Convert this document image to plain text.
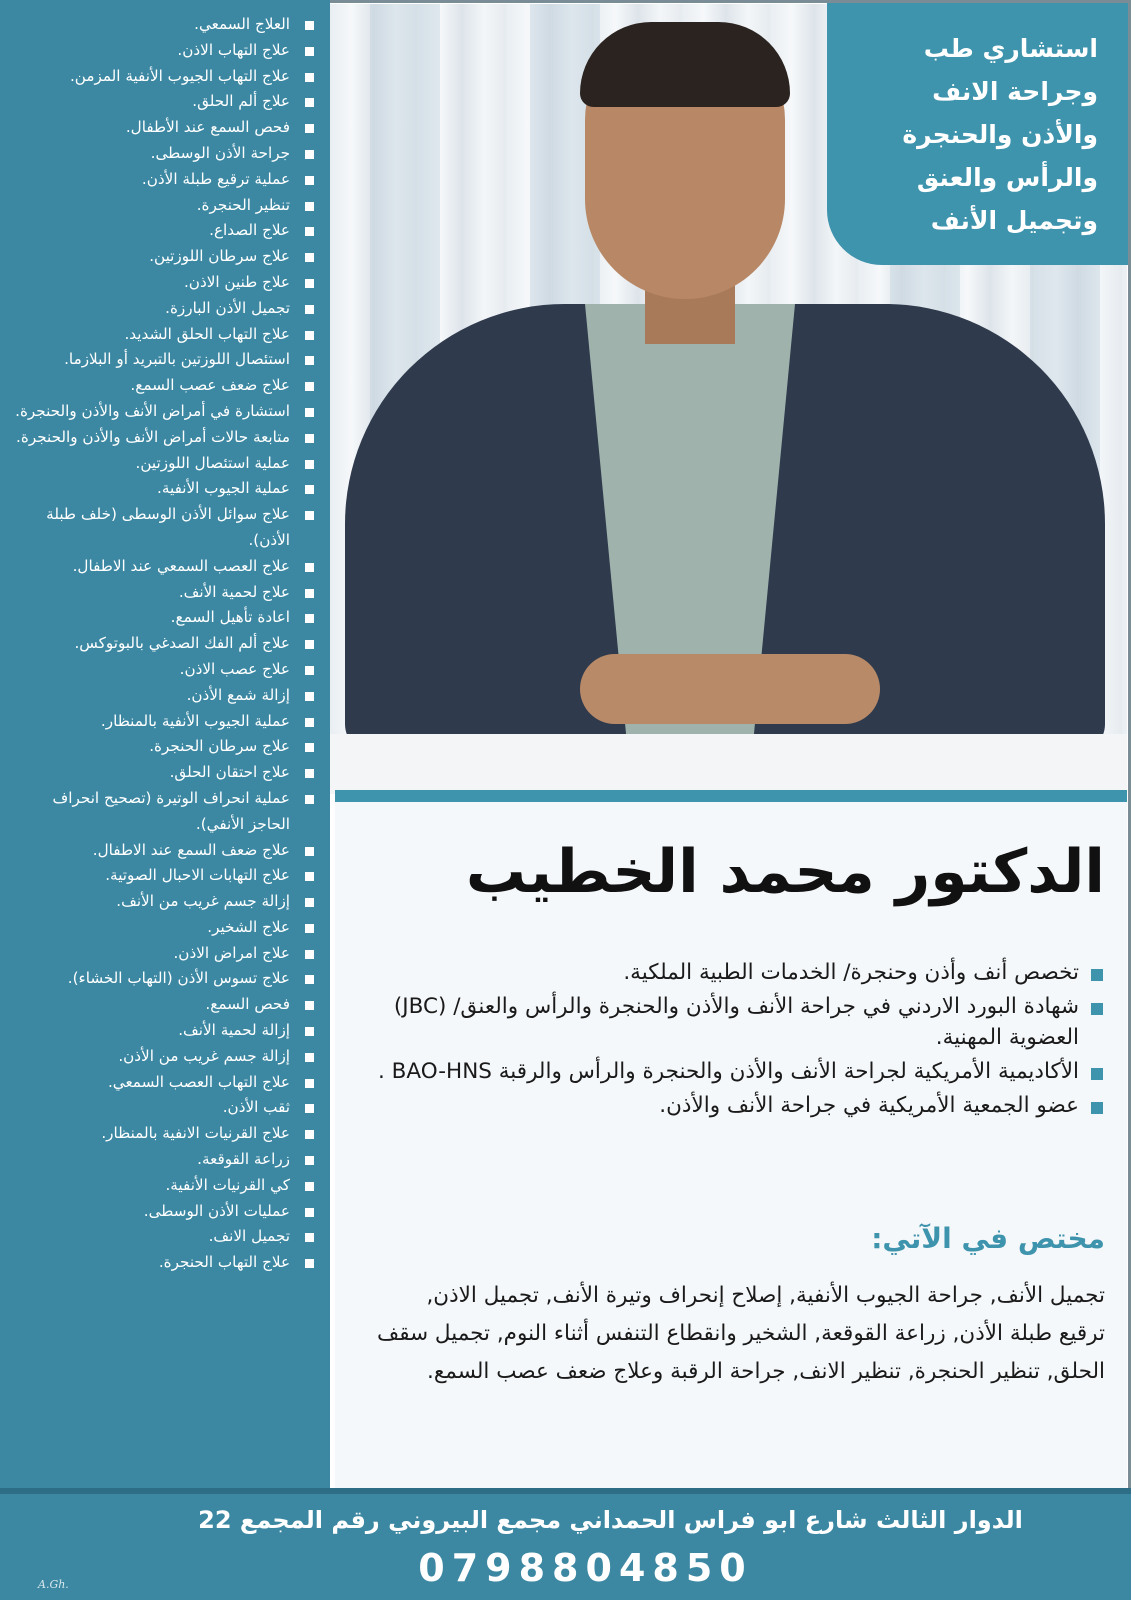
استشاري طب
وجراحة الانف
والأذن والحنجرة
والرأس والعنق
وتجميل الأنف
العلاج السمعي.
علاج التهاب الاذن.
علاج التهاب الجيوب الأنفية المزمن.
علاج ألم الحلق.
فحص السمع عند الأطفال.
جراحة الأذن الوسطى.
عملية ترقيع طبلة الأذن.
تنظير الحنجرة.
علاج الصداع.
علاج سرطان اللوزتين.
علاج طنين الاذن.
تجميل الأذن البارزة.
علاج التهاب الحلق الشديد.
استئصال اللوزتين بالتبريد أو البلازما.
علاج ضعف عصب السمع.
استشارة في أمراض الأنف والأذن والحنجرة.
متابعة حالات أمراض الأنف والأذن والحنجرة.
عملية استئصال اللوزتين.
عملية الجيوب الأنفية.
علاج سوائل الأذن الوسطى (خلف طبلة الأذن).
علاج العصب السمعي عند الاطفال.
علاج لحمية الأنف.
اعادة تأهيل السمع.
علاج ألم الفك الصدغي بالبوتوكس.
علاج عصب الاذن.
إزالة شمع الأذن.
عملية الجيوب الأنفية بالمنظار.
علاج سرطان الحنجرة.
علاج احتقان الحلق.
عملية انحراف الوتيرة (تصحيح انحراف الحاجز الأنفي).
علاج ضعف السمع عند الاطفال.
علاج التهابات الاحبال الصوتية.
إزالة جسم غريب من الأنف.
علاج الشخير.
علاج امراض الاذن.
علاج تسوس الأذن (التهاب الخشاء).
فحص السمع.
إزالة لحمية الأنف.
إزالة جسم غريب من الأذن.
علاج التهاب العصب السمعي.
ثقب الأذن.
علاج القرنيات الانفية بالمنظار.
زراعة القوقعة.
كي القرنيات الأنفية.
عمليات الأذن الوسطى.
تجميل الانف.
علاج التهاب الحنجرة.
الدكتور محمد الخطيب
تخصص أنف وأذن وحنجرة/ الخدمات الطبية الملكية.
شهادة البورد الاردني في جراحة الأنف والأذن والحنجرة والرأس والعنق/ (JBC) العضوية المهنية.
الأكاديمية الأمريكية لجراحة الأنف والأذن والحنجرة والرأس والرقبة BAO-HNS .
عضو الجمعية الأمريكية في جراحة الأنف والأذن.
مختص في الآتي:
تجميل الأنف, جراحة الجيوب الأنفية, إصلاح إنحراف وتيرة الأنف, تجميل الاذن, ترقيع طبلة الأذن, زراعة القوقعة, الشخير وانقطاع التنفس أثناء النوم, تجميل سقف الحلق, تنظير الحنجرة, تنظير الانف, جراحة الرقبة وعلاج ضعف عصب السمع.
الدوار الثالث شارع ابو فراس الحمداني مجمع البيروني رقم المجمع 22
0798804850
A.Gh.
